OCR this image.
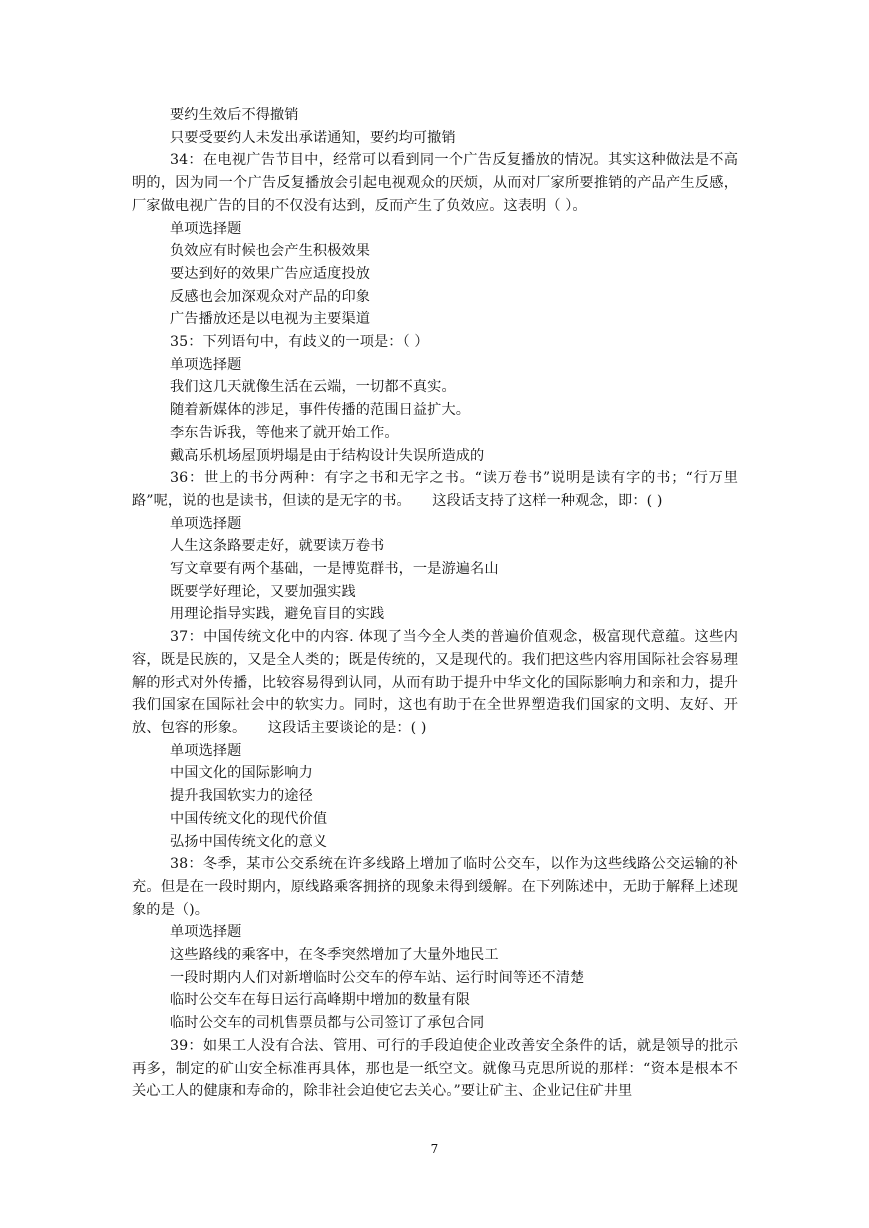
要约生效后不得撤销
只要受要约人未发出承诺通知，要约均可撤销
34：在电视广告节目中，经常可以看到同一个广告反复播放的情况。其实这种做法是不高明的，因为同一个广告反复播放会引起电视观众的厌烦，从而对厂家所要推销的产品产生反感，厂家做电视广告的目的不仅没有达到，反而产生了负效应。这表明（ ）。
单项选择题
负效应有时候也会产生积极效果
要达到好的效果广告应适度投放
反感也会加深观众对产品的印象
广告播放还是以电视为主要渠道
35：下列语句中，有歧义的一项是：（ ）
单项选择题
我们这几天就像生活在云端，一切都不真实。
随着新媒体的涉足，事件传播的范围日益扩大。
李东告诉我，等他来了就开始工作。
戴高乐机场屋顶坍塌是由于结构设计失误所造成的
36：世上的书分两种：有字之书和无字之书。“读万卷书”说明是读有字的书；“行万里路”呢，说的也是读书，但读的是无字的书。　　这段话支持了这样一种观念，即：( )
单项选择题
人生这条路要走好，就要读万卷书
写文章要有两个基础，一是博览群书，一是游遍名山
既要学好理论，又要加强实践
用理论指导实践，避免盲目的实践
37：中国传统文化中的内容. 体现了当今全人类的普遍价值观念，极富现代意蕴。这些内容，既是民族的，又是全人类的；既是传统的，又是现代的。我们把这些内容用国际社会容易理解的形式对外传播，比较容易得到认同，从而有助于提升中华文化的国际影响力和亲和力，提升我们国家在国际社会中的软实力。同时，这也有助于在全世界塑造我们国家的文明、友好、开放、包容的形象。　　这段话主要谈论的是：( )
单项选择题
中国文化的国际影响力
提升我国软实力的途径
中国传统文化的现代价值
弘扬中国传统文化的意义
38：冬季，某市公交系统在许多线路上增加了临时公交车，以作为这些线路公交运输的补充。但是在一段时期内，原线路乘客拥挤的现象未得到缓解。在下列陈述中，无助于解释上述现象的是（)。
单项选择题
这些路线的乘客中，在冬季突然增加了大量外地民工
一段时期内人们对新增临时公交车的停车站、运行时间等还不清楚
临时公交车在每日运行高峰期中增加的数量有限
临时公交车的司机售票员都与公司签订了承包合同
39：如果工人没有合法、管用、可行的手段迫使企业改善安全条件的话，就是领导的批示再多，制定的矿山安全标准再具体，那也是一纸空文。就像马克思所说的那样：“资本是根本不关心工人的健康和寿命的，除非社会迫使它去关心。”要让矿主、企业记住矿井里
7
